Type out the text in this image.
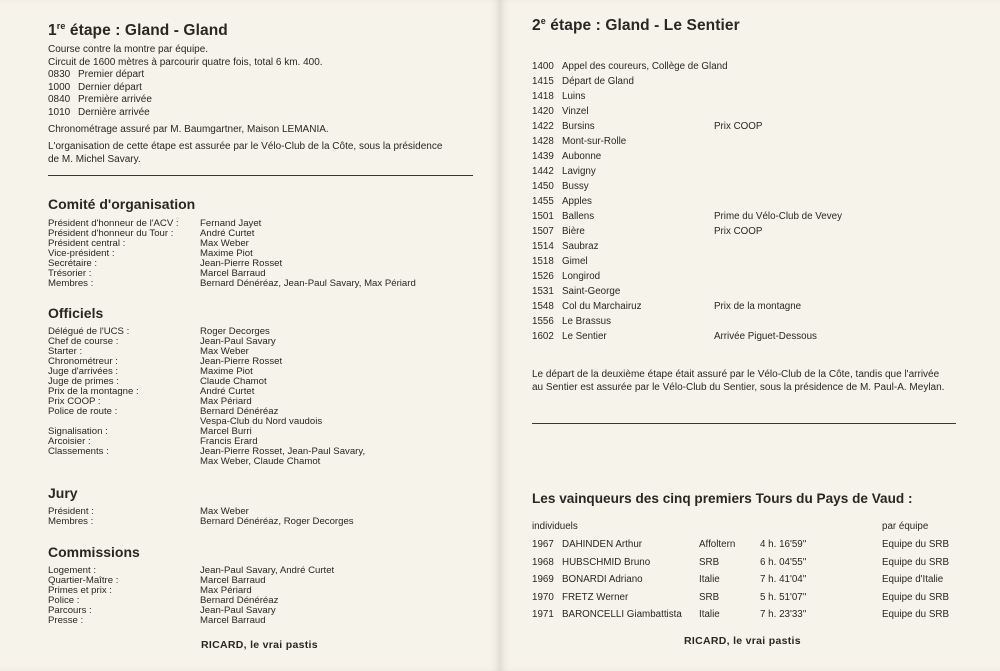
1re étape : Gland - Gland
Course contre la montre par équipe.
Circuit de 1600 mètres à parcourir quatre fois, total 6 km. 400.
0830 Premier départ
1000 Dernier départ
0840 Première arrivée
1010 Dernière arrivée
Chronométrage assuré par M. Baumgartner, Maison LEMANIA.
L'organisation de cette étape est assurée par le Vélo-Club de la Côte, sous la présidence
de M. Michel Savary.
Comité d'organisation
Président d'honneur de l'ACV :	Fernand Jayet
Président d'honneur du Tour :	André Curtet
Président central :	Max Weber
Vice-président :	Maxime Piot
Secrétaire :	Jean-Pierre Rosset
Trésorier :	Marcel Barraud
Membres :	Bernard Dénéréaz, Jean-Paul Savary, Max Périard
Officiels
Délégué de l'UCS :	Roger Decorges
Chef de course :	Jean-Paul Savary
Starter :	Max Weber
Chronométreur :	Jean-Pierre Rosset
Juge d'arrivées :	Maxime Piot
Juge de primes :	Claude Chamot
Prix de la montagne :	André Curtet
Prix COOP :	Max Périard
Police de route :	Bernard Dénéréaz
Vespa-Club du Nord vaudois
Signalisation :	Marcel Burri
Arcoisier :	Francis Erard
Classements :	Jean-Pierre Rosset, Jean-Paul Savary,
Max Weber, Claude Chamot
Jury
Président :	Max Weber
Membres :	Bernard Dénéréaz, Roger Decorges
Commissions
Logement :	Jean-Paul Savary, André Curtet
Quartier-Maître :	Marcel Barraud
Primes et prix :	Max Périard
Police :	Bernard Dénéréaz
Parcours :	Jean-Paul Savary
Presse :	Marcel Barraud
RICARD, le vrai pastis
2e étape : Gland - Le Sentier
1400 Appel des coureurs, Collège de Gland
1415 Départ de Gland
1418 Luins
1420 Vinzel
1422 Bursins	Prix COOP
1428 Mont-sur-Rolle
1439 Aubonne
1442 Lavigny
1450 Bussy
1455 Apples
1501 Ballens	Prime du Vélo-Club de Vevey
1507 Bière	Prix COOP
1514 Saubraz
1518 Gimel
1526 Longirod
1531 Saint-George
1548 Col du Marchairuz	Prix de la montagne
1556 Le Brassus
1602 Le Sentier	Arrivée Piguet-Dessous
Le départ de la deuxième étape était assuré par le Vélo-Club de la Côte, tandis que l'arrivée
au Sentier est assurée par le Vélo-Club du Sentier, sous la présidence de M. Paul-A. Meylan.
Les vainqueurs des cinq premiers Tours du Pays de Vaud :
individuels	par équipe
1967 DAHINDEN Arthur	Affoltern	4 h. 16'59''	Equipe du SRB
1968 HUBSCHMID Bruno	SRB	6 h. 04'55''	Equipe du SRB
1969 BONARDI Adriano	Italie	7 h. 41'04''	Equipe d'Italie
1970 FRETZ Werner	SRB	5 h. 51'07''	Equipe du SRB
1971 BARONCELLI Giambattista Italie	7 h. 23'33''	Equipe du SRB
RICARD, le vrai pastis
